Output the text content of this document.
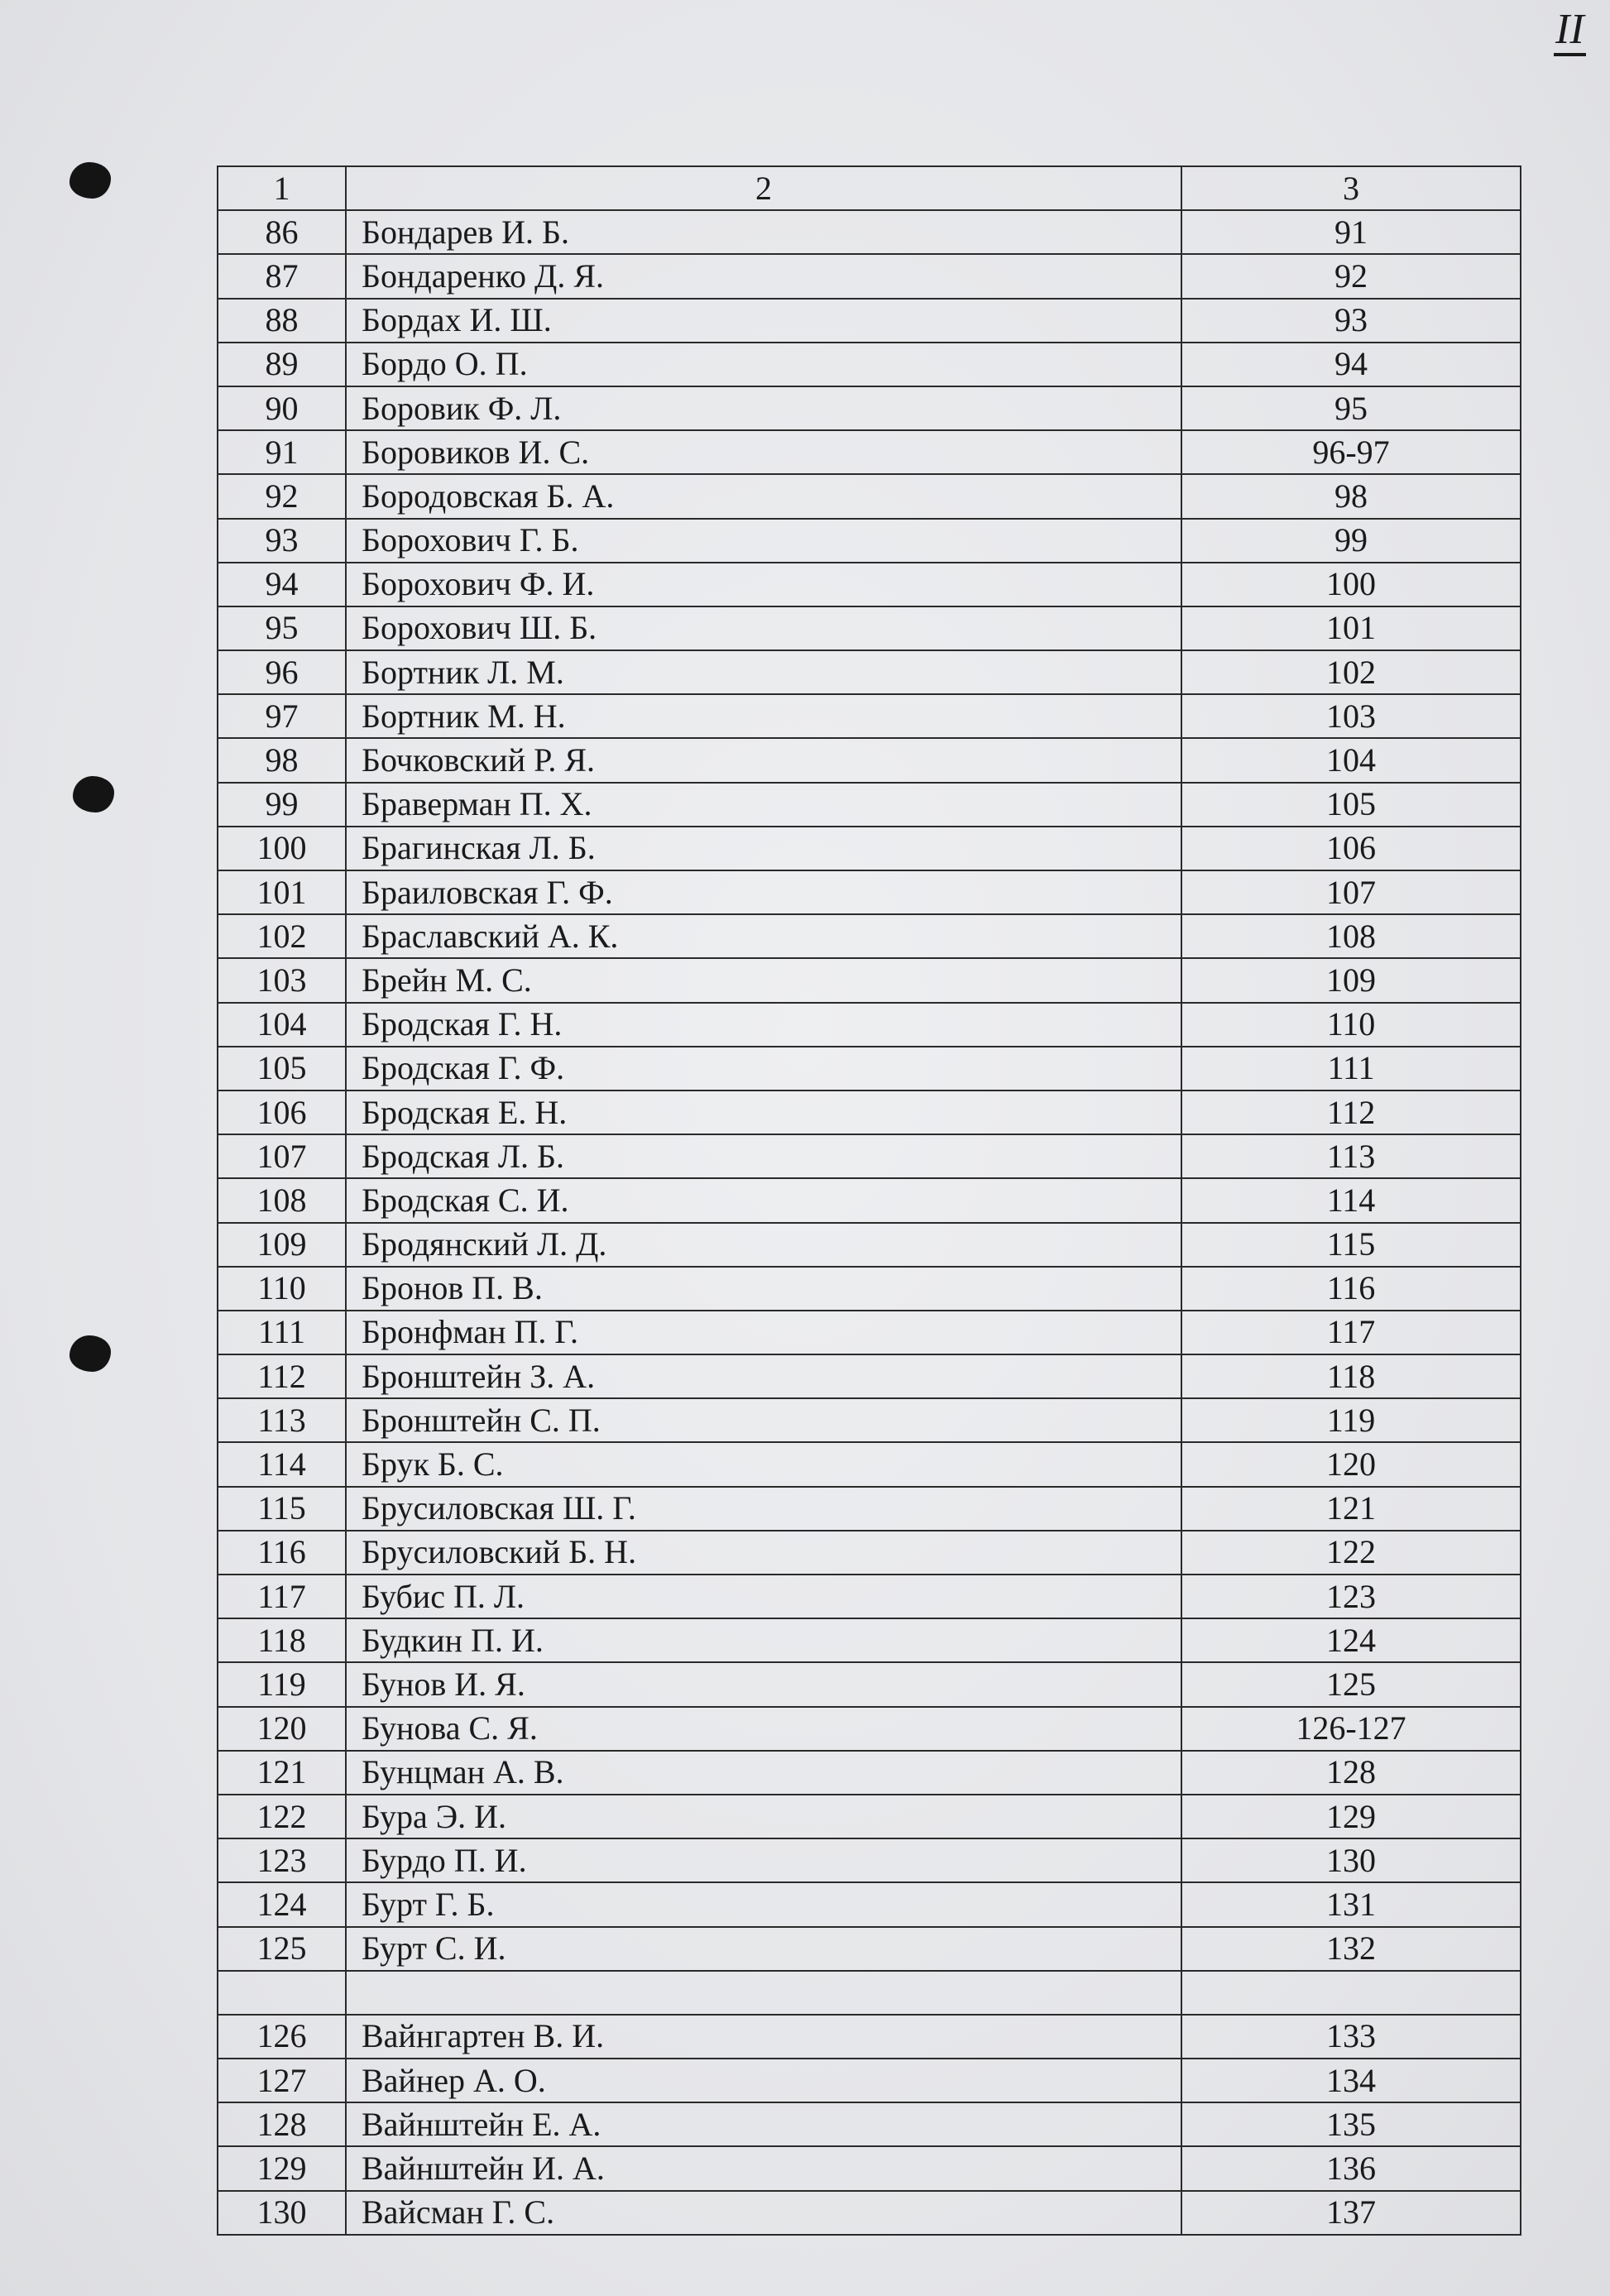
II
1	2	3
86	Бондарев И. Б.	91
87	Бондаренко Д. Я.	92
88	Бордах И. Ш.	93
89	Бордо О. П.	94
90	Боровик Ф. Л.	95
91	Боровиков И. С.	96-97
92	Бородовская Б. А.	98
93	Борохович Г. Б.	99
94	Борохович Ф. И.	100
95	Борохович Ш. Б.	101
96	Бортник Л. М.	102
97	Бортник М. Н.	103
98	Бочковский Р. Я.	104
99	Браверман П. Х.	105
100	Брагинская Л. Б.	106
101	Браиловская Г. Ф.	107
102	Браславский А. К.	108
103	Брейн М. С.	109
104	Бродская Г. Н.	110
105	Бродская Г. Ф.	111
106	Бродская Е. Н.	112
107	Бродская Л. Б.	113
108	Бродская С. И.	114
109	Бродянский Л. Д.	115
110	Бронов П. В.	116
111	Бронфман П. Г.	117
112	Бронштейн З. А.	118
113	Бронштейн С. П.	119
114	Брук Б. С.	120
115	Брусиловская Ш. Г.	121
116	Брусиловский Б. Н.	122
117	Бубис П. Л.	123
118	Будкин П. И.	124
119	Бунов И. Я.	125
120	Бунова С. Я.	126-127
121	Бунцман А. В.	128
122	Бура Э. И.	129
123	Бурдо П. И.	130
124	Бурт Г. Б.	131
125	Бурт С. И.	132

126	Вайнгартен В. И.	133
127	Вайнер А. О.	134
128	Вайнштейн Е. А.	135
129	Вайнштейн И. А.	136
130	Вайсман Г. С.	137
